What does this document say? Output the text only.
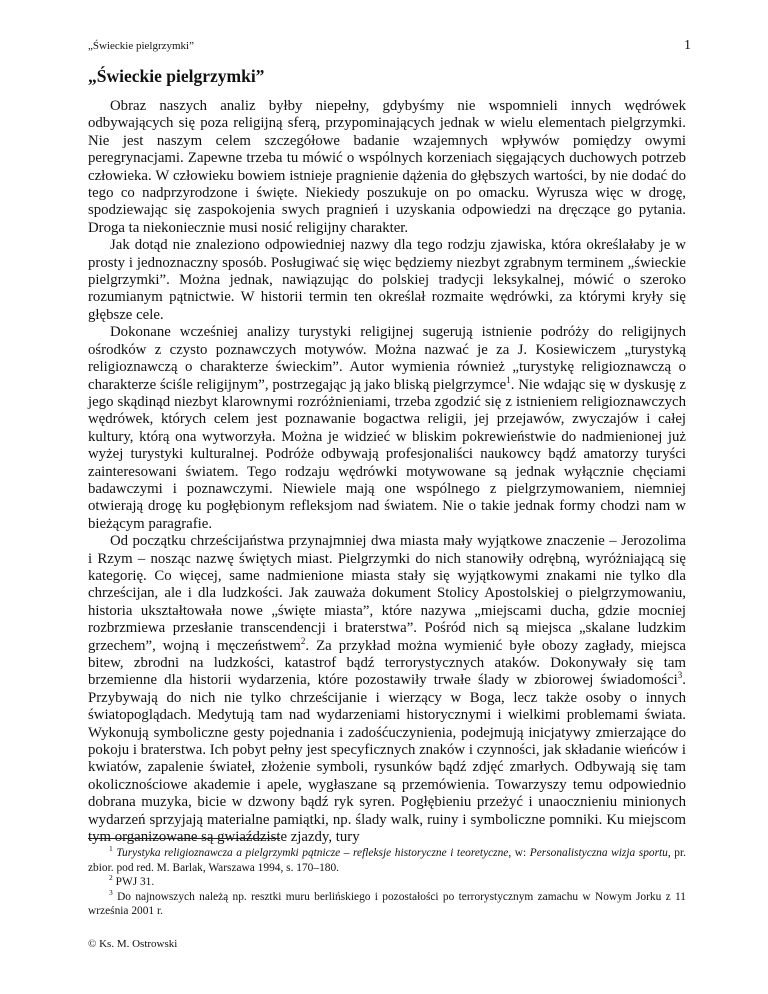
„Świeckie pielgrzymki”	1
„Świeckie pielgrzymki”

Obraz naszych analiz byłby niepełny, gdybyśmy nie wspomnieli innych wędrówek odbywających się poza religijną sferą, przypominających jednak w wielu elementach pielgrzymki. Nie jest naszym celem szczegółowe badanie wzajemnych wpływów pomiędzy owymi peregrynacjami. Zapewne trzeba tu mówić o wspólnych korzeniach sięgających duchowych potrzeb człowieka. W człowieku bowiem istnieje pragnienie dążenia do głębszych wartości, by nie dodać do tego co nadprzyrodzone i święte. Niekiedy poszukuje on po omacku. Wyrusza więc w drogę, spodziewając się zaspokojenia swych pragnień i uzyskania odpowiedzi na dręczące go pytania. Droga ta niekoniecznie musi nosić religijny charakter.

Jak dotąd nie znaleziono odpowiedniej nazwy dla tego rodzju zjawiska, która określałaby je w prosty i jednoznaczny sposób. Posługiwać się więc będziemy niezbyt zgrabnym terminem „świeckie pielgrzymki”. Można jednak, nawiązując do polskiej tradycji leksykalnej, mówić o szeroko rozumianym pątnictwie. W historii termin ten określał rozmaite wędrówki, za którymi kryły się głębsze cele.

Dokonane wcześniej analizy turystyki religijnej sugerują istnienie podróży do religijnych ośrodków z czysto poznawczych motywów. Można nazwać je za J. Kosiewiczem „turystyką religioznawczą o charakterze świeckim”. Autor wymienia również „turystykę religioznawczą o charakterze ściśle religijnym”, postrzegając ją jako bliską pielgrzymce$^1$. Nie wdając się w dyskusję z jego skądinąd niezbyt klarownymi rozróżnieniami, trzeba zgodzić się z istnieniem religioznawczych wędrówek, których celem jest poznawanie bogactwa religii, jej przejawów, zwyczajów i całej kultury, którą ona wytworzyła. Można je widzieć w bliskim pokrewieństwie do nadmienionej już wyżej turystyki kulturalnej. Podróże odbywają profesjonaliści naukowcy bądź amatorzy turyści zainteresowani światem. Tego rodzaju wędrówki motywowane są jednak wyłącznie chęciami badawczymi i poznawczymi. Niewiele mają one wspólnego z pielgrzymowaniem, niemniej otwierają drogę ku pogłębionym refleksjom nad światem. Nie o takie jednak formy chodzi nam w bieżącym paragrafie.

Od początku chrześcijaństwa przynajmniej dwa miasta mały wyjątkowe znaczenie – Jerozolima i Rzym – nosząc nazwę świętych miast. Pielgrzymki do nich stanowiły odrębną, wyróżniającą się kategorię. Co więcej, same nadmienione miasta stały się wyjątkowymi znakami nie tylko dla chrześcijan, ale i dla ludzkości. Jak zauważa dokument Stolicy Apostolskiej o pielgrzymowaniu, historia ukształtowała nowe „święte miasta”, które nazywa „miejscami ducha, gdzie mocniej rozbrzmiewa przesłanie transcendencji i braterstwa”. Pośród nich są miejsca „skalane ludzkim grzechem”, wojną i męczeństwem$^2$. Za przykład można wymienić byłe obozy zagłady, miejsca bitew, zbrodni na ludzkości, katastrof bądź terrorystycznych ataków. Dokonywały się tam brzemienne dla historii wydarzenia, które pozostawiły trwałe ślady w zbiorowej świadomości$^3$. Przybywają do nich nie tylko chrześcijanie i wierzący w Boga, lecz także osoby o innych światopoglądach. Medytują tam nad wydarzeniami historycznymi i wielkimi problemami świata. Wykonują symboliczne gesty pojednania i zadośćuczynienia, podejmują inicjatywy zmierzające do pokoju i braterstwa. Ich pobyt pełny jest specyficznych znaków i czynności, jak składanie wieńców i kwiatów, zapalenie świateł, złożenie symboli, rysunków bądź zdjęć zmarłych. Odbywają się tam okolicznościowe akademie i apele, wygłaszane są przemówienia. Towarzyszy temu odpowiednio dobrana muzyka, bicie w dzwony bądź ryk syren. Pogłębieniu przeżyć i unaocznieniu minionych wydarzeń sprzyjają materialne pamiątki, np. ślady walk, ruiny i symboliczne pomniki. Ku miejscom tym organizowane są gwiaździste zjazdy, tury

$^1$ Turystyka religioznawcza a pielgrzymki pątnicze – refleksje historyczne i teoretyczne, w: Personalistyczna wizja sportu, pr. zbior. pod red. M. Barlak, Warszawa 1994, s. 170–180.

$^2$ PWJ 31.

$^3$ Do najnowszych należą np. resztki muru berlińskiego i pozostałości po terrorystycznym zamachu w Nowym Jorku z 11 września 2001 r.

© Ks. M. Ostrowski
